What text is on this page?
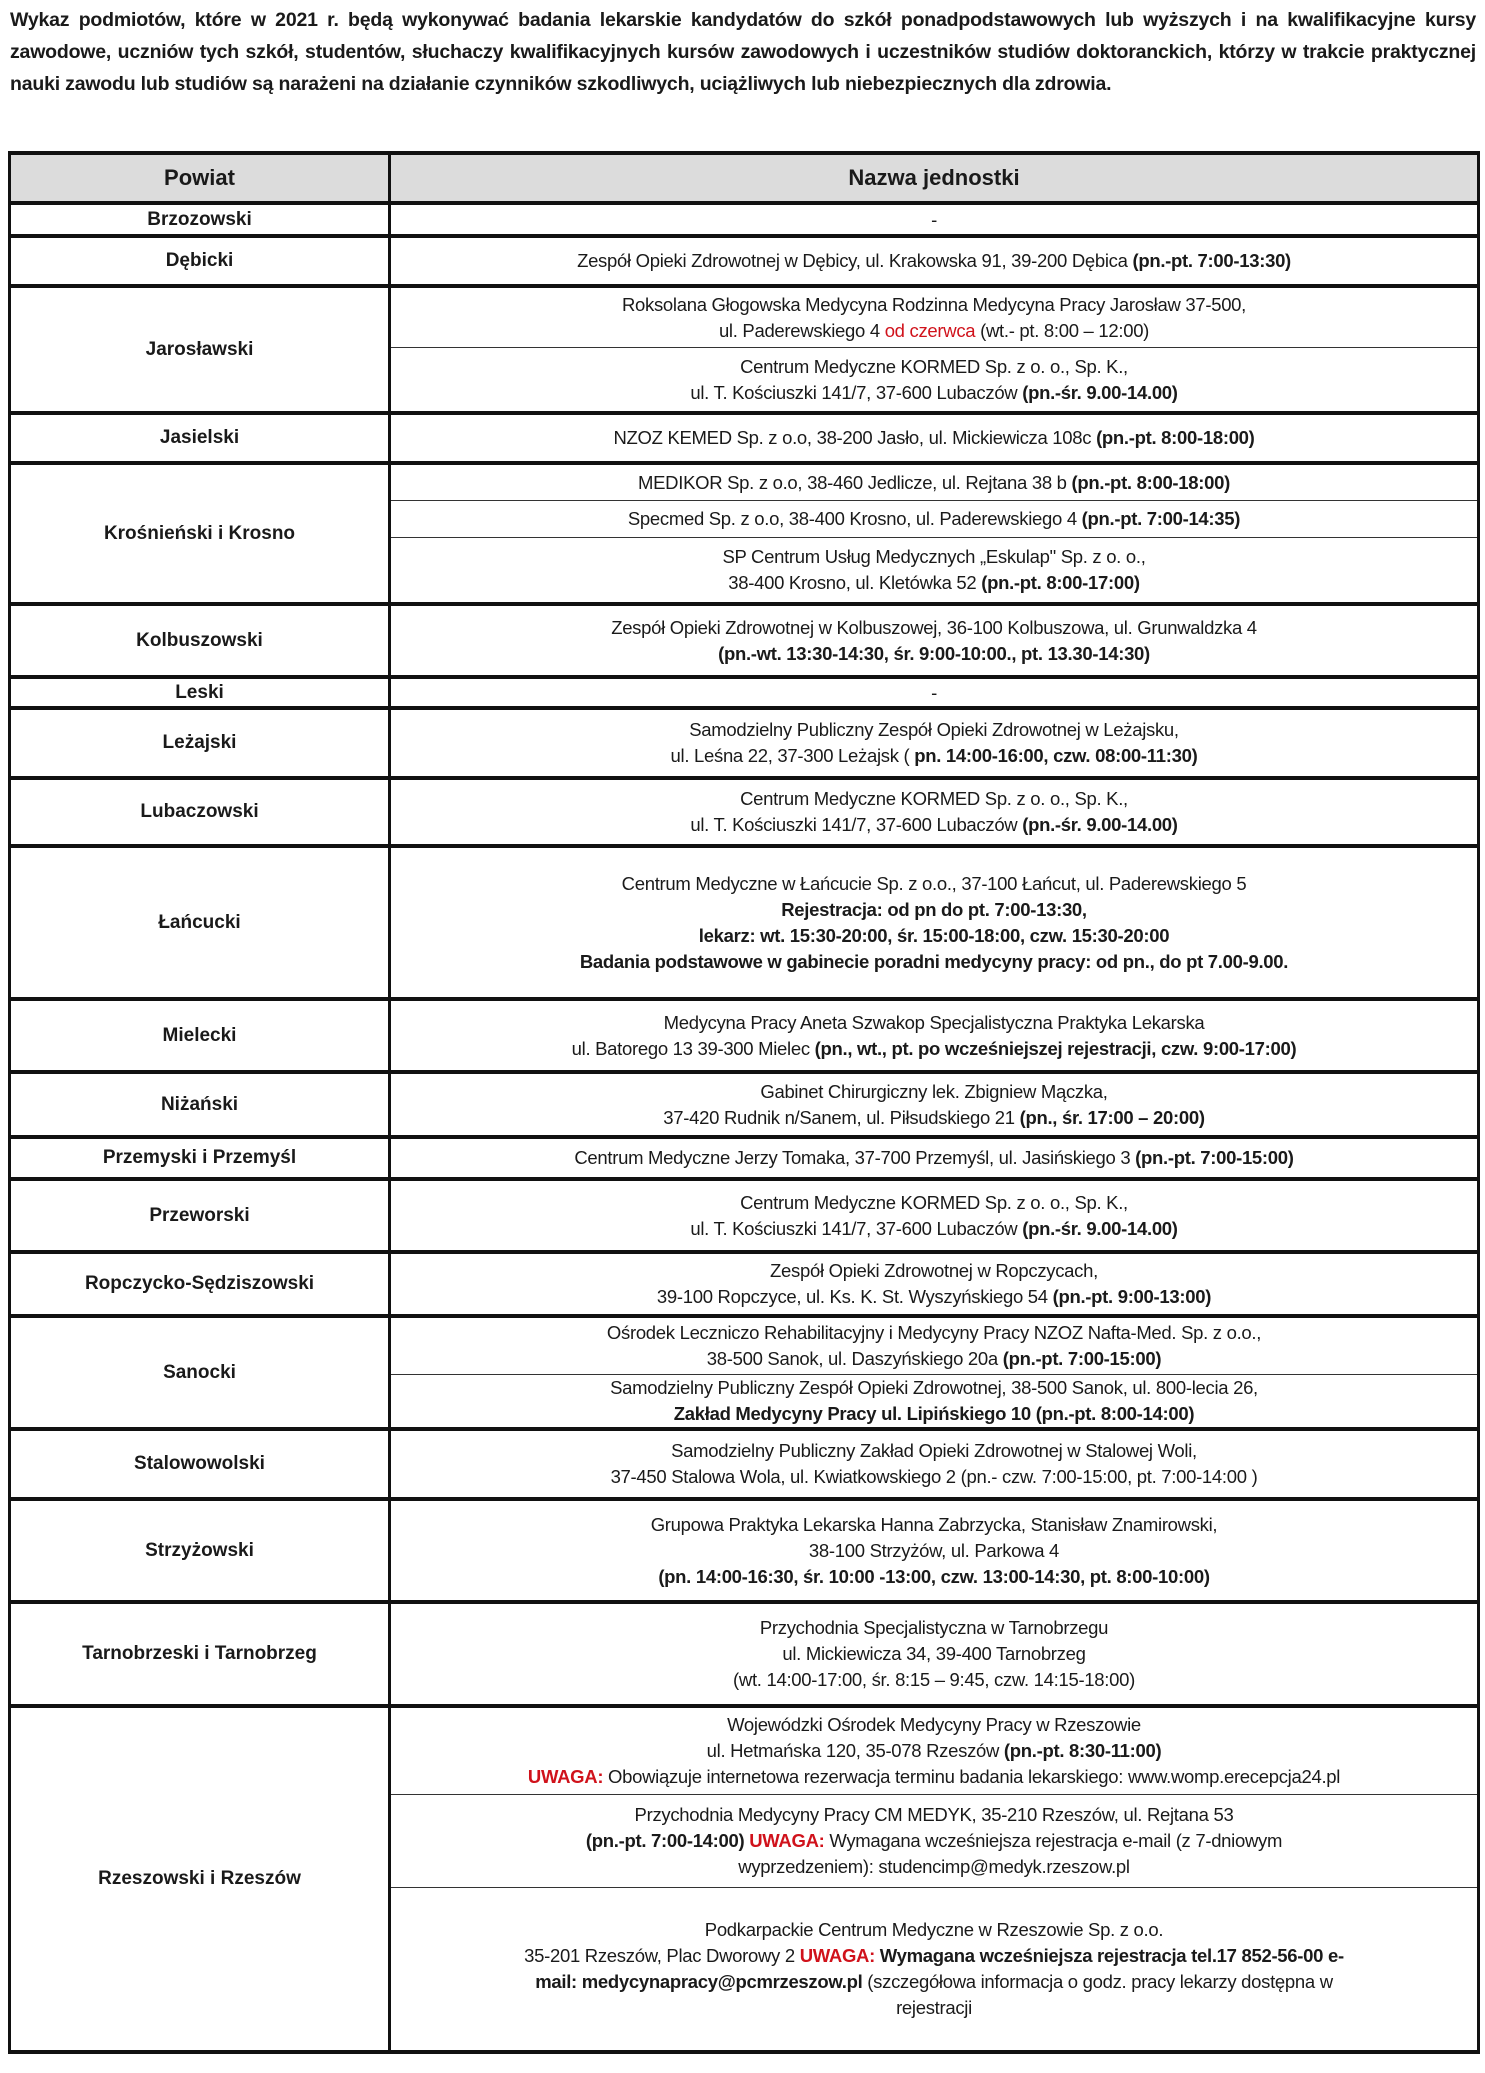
Wykaz podmiotów, które w 2021 r. będą wykonywać badania lekarskie kandydatów do szkół ponadpodstawowych lub wyższych i na kwalifikacyjne kursy zawodowe, uczniów tych szkół, studentów, słuchaczy kwalifikacyjnych kursów zawodowych i uczestników studiów doktoranckich, którzy w trakcie praktycznej nauki zawodu lub studiów są narażeni na działanie czynników szkodliwych, uciążliwych lub niebezpiecznych dla zdrowia.
Powiat	Nazwa jednostki
Brzozowski	-

Dębicki	Zespół Opieki Zdrowotnej w Dębicy, ul. Krakowska 91, 39-200 Dębica (pn.-pt. 7:00-13:30)

Jarosławski	Roksolana Głogowska Medycyna Rodzinna Medycyna Pracy Jarosław 37-500,
ul. Paderewskiego 4 od czerwca (wt.- pt. 8:00 – 12:00)

	Centrum Medyczne KORMED Sp. z o. o., Sp. K.,
ul. T. Kościuszki 141/7, 37-600 Lubaczów (pn.-śr. 9.00-14.00)

Jasielski	NZOZ KEMED Sp. z o.o, 38-200 Jasło, ul. Mickiewicza 108c (pn.-pt. 8:00-18:00)

Krośnieński i Krosno	MEDIKOR Sp. z o.o, 38-460 Jedlicze, ul. Rejtana 38 b (pn.-pt. 8:00-18:00)

	Specmed Sp. z o.o, 38-400 Krosno, ul. Paderewskiego 4 (pn.-pt. 7:00-14:35)

	SP Centrum Usług Medycznych „Eskulap" Sp. z o. o.,
38-400 Krosno, ul. Kletówka 52 (pn.-pt. 8:00-17:00)

Kolbuszowski	Zespół Opieki Zdrowotnej w Kolbuszowej, 36-100 Kolbuszowa, ul. Grunwaldzka 4
(pn.-wt. 13:30-14:30, śr. 9:00-10:00., pt. 13.30-14:30)

Leski	-

Leżajski	Samodzielny Publiczny Zespół Opieki Zdrowotnej w Leżajsku,
ul. Leśna 22, 37-300 Leżajsk ( pn. 14:00-16:00, czw. 08:00-11:30)

Lubaczowski	Centrum Medyczne KORMED Sp. z o. o., Sp. K.,
ul. T. Kościuszki 141/7, 37-600 Lubaczów (pn.-śr. 9.00-14.00)

Łańcucki	Centrum Medyczne w Łańcucie Sp. z o.o., 37-100 Łańcut, ul. Paderewskiego 5
Rejestracja: od pn do pt. 7:00-13:30,
lekarz: wt. 15:30-20:00, śr. 15:00-18:00, czw. 15:30-20:00
Badania podstawowe w gabinecie poradni medycyny pracy: od pn., do pt 7.00-9.00.

Mielecki	Medycyna Pracy Aneta Szwakop Specjalistyczna Praktyka Lekarska
ul. Batorego 13 39-300 Mielec (pn., wt., pt. po wcześniejszej rejestracji, czw. 9:00-17:00)

Niżański	Gabinet Chirurgiczny lek. Zbigniew Mączka,
37-420 Rudnik n/Sanem, ul. Piłsudskiego 21 (pn., śr. 17:00 – 20:00)

Przemyski i Przemyśl	Centrum Medyczne Jerzy Tomaka, 37-700 Przemyśl, ul. Jasińskiego 3 (pn.-pt. 7:00-15:00)

Przeworski	Centrum Medyczne KORMED Sp. z o. o., Sp. K.,
ul. T. Kościuszki 141/7, 37-600 Lubaczów (pn.-śr. 9.00-14.00)

Ropczycko-Sędziszowski	Zespół Opieki Zdrowotnej w Ropczycach,
39-100 Ropczyce, ul. Ks. K. St. Wyszyńskiego 54 (pn.-pt. 9:00-13:00)

Sanocki	Ośrodek Leczniczo Rehabilitacyjny i Medycyny Pracy NZOZ Nafta-Med. Sp. z o.o.,
38-500 Sanok, ul. Daszyńskiego 20a (pn.-pt. 7:00-15:00)

	Samodzielny Publiczny Zespół Opieki Zdrowotnej, 38-500 Sanok, ul. 800-lecia 26,
Zakład Medycyny Pracy ul. Lipińskiego 10 (pn.-pt. 8:00-14:00)

Stalowowolski	Samodzielny Publiczny Zakład Opieki Zdrowotnej w Stalowej Woli,
37-450 Stalowa Wola, ul. Kwiatkowskiego 2 (pn.- czw. 7:00-15:00, pt. 7:00-14:00 )

Strzyżowski	Grupowa Praktyka Lekarska Hanna Zabrzycka, Stanisław Znamirowski,
38-100 Strzyżów, ul. Parkowa 4
(pn. 14:00-16:30, śr. 10:00 -13:00, czw. 13:00-14:30, pt. 8:00-10:00)

Tarnobrzeski i Tarnobrzeg	Przychodnia Specjalistyczna w Tarnobrzegu
ul. Mickiewicza 34, 39-400 Tarnobrzeg
(wt. 14:00-17:00, śr. 8:15 – 9:45, czw. 14:15-18:00)

Rzeszowski i Rzeszów	Wojewódzki Ośrodek Medycyny Pracy w Rzeszowie
ul. Hetmańska 120, 35-078 Rzeszów (pn.-pt. 8:30-11:00)
UWAGA: Obowiązuje internetowa rezerwacja terminu badania lekarskiego: www.womp.erecepcja24.pl

	Przychodnia Medycyny Pracy CM MEDYK, 35-210 Rzeszów, ul. Rejtana 53
(pn.-pt. 7:00-14:00) UWAGA: Wymagana wcześniejsza rejestracja e-mail (z 7-dniowym
wyprzedzeniem): studencimp@medyk.rzeszow.pl

	Podkarpackie Centrum Medyczne w Rzeszowie Sp. z o.o.
35-201 Rzeszów, Plac Dworowy 2 UWAGA: Wymagana wcześniejsza rejestracja tel.17 852-56-00 e-
mail: medycynapracy@pcmrzeszow.pl (szczegółowa informacja o godz. pracy lekarzy dostępna w
rejestracji
